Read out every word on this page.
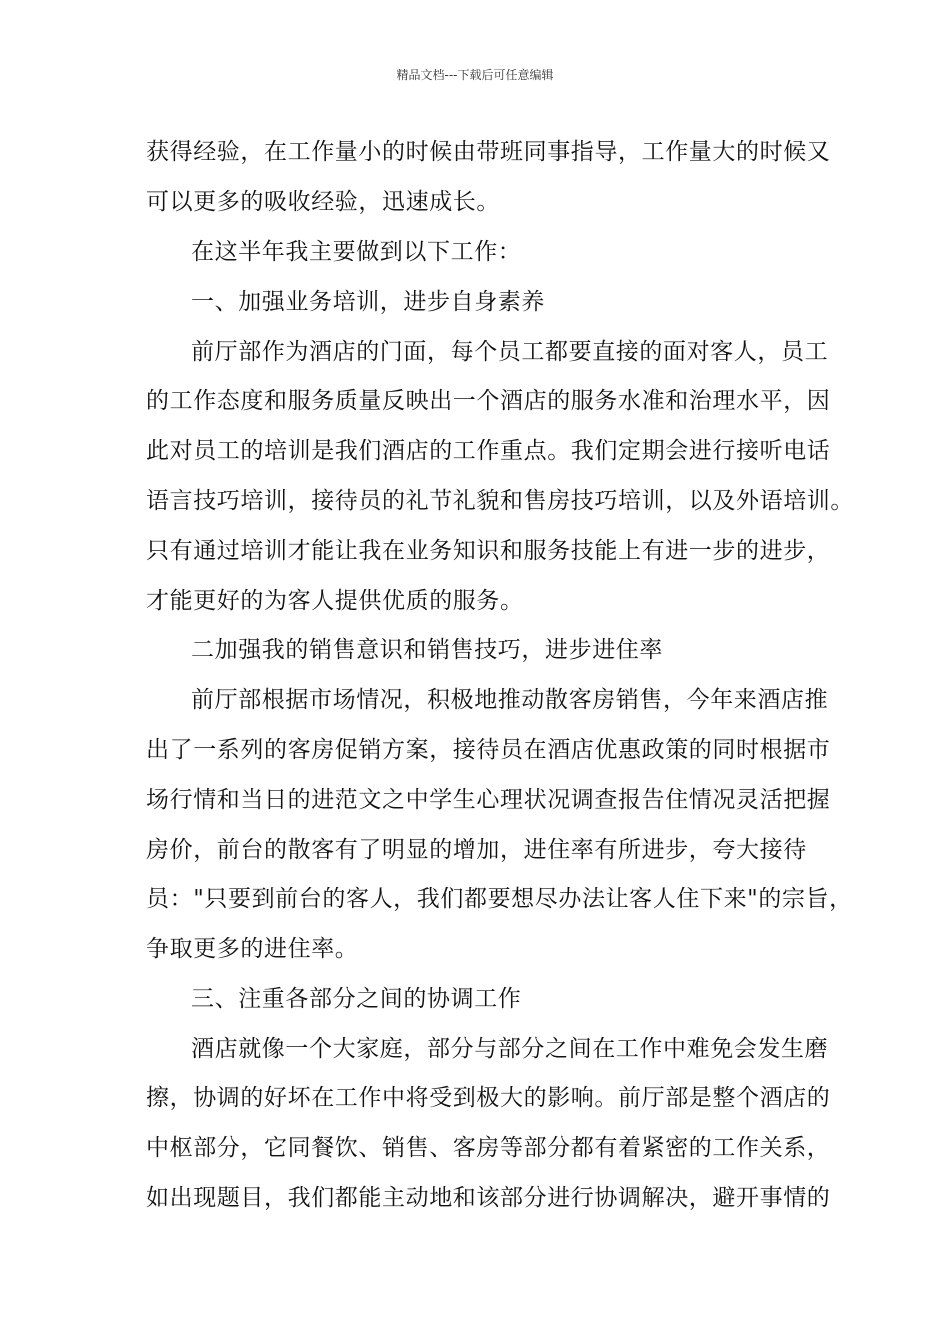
精品文档---下载后可任意编辑
获得经验，在工作量小的时候由带班同事指导，工作量大的时候又
可以更多的吸收经验，迅速成长。
在这半年我主要做到以下工作：
一、加强业务培训，进步自身素养
前厅部作为酒店的门面，每个员工都要直接的面对客人，员工
的工作态度和服务质量反映出一个酒店的服务水准和治理水平，因
此对员工的培训是我们酒店的工作重点。我们定期会进行接听电话
语言技巧培训，接待员的礼节礼貌和售房技巧培训，以及外语培训。
只有通过培训才能让我在业务知识和服务技能上有进一步的进步，
才能更好的为客人提供优质的服务。
二加强我的销售意识和销售技巧，进步进住率
前厅部根据市场情况，积极地推动散客房销售，今年来酒店推
出了一系列的客房促销方案，接待员在酒店优惠政策的同时根据市
场行情和当日的进范文之中学生心理状况调查报告住情况灵活把握
房价，前台的散客有了明显的增加，进住率有所进步，夸大接待
员："只要到前台的客人，我们都要想尽办法让客人住下来"的宗旨，
争取更多的进住率。
三、注重各部分之间的协调工作
酒店就像一个大家庭，部分与部分之间在工作中难免会发生磨
擦，协调的好坏在工作中将受到极大的影响。前厅部是整个酒店的
中枢部分，它同餐饮、销售、客房等部分都有着紧密的工作关系，
如出现题目，我们都能主动地和该部分进行协调解决，避开事情的
